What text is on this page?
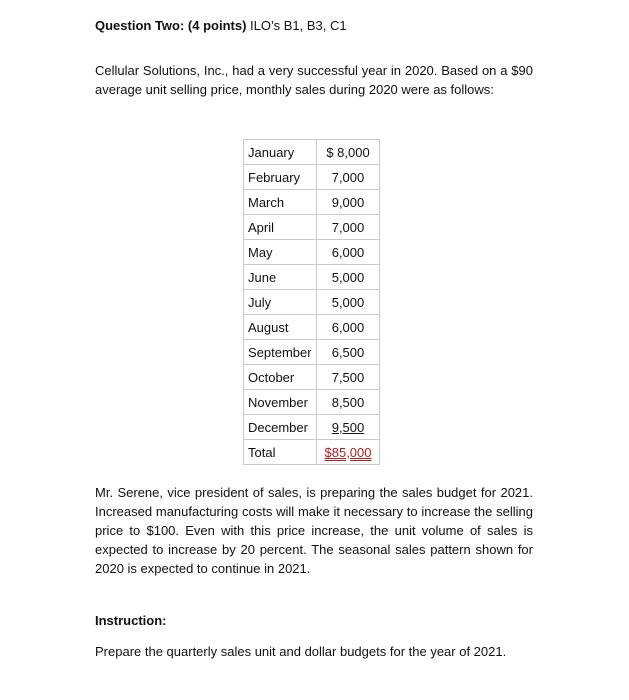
Question Two: (4 points) ILO’s B1, B3, C1

Cellular Solutions, Inc., had a very successful year in 2020. Based on a $90 average unit selling price, monthly sales during 2020 were as follows:

January	$ 8,000
February	7,000
March	9,000
April	7,000
May	6,000
June	5,000
July	5,000
August	6,000
September	6,500
October	7,500
November	8,500
December	9,500
Total	$85,000

Mr. Serene, vice president of sales, is preparing the sales budget for 2021. Increased manufacturing costs will make it necessary to increase the selling price to $100. Even with this price increase, the unit volume of sales is expected to increase by 20 percent. The seasonal sales pattern shown for 2020 is expected to continue in 2021.

Instruction:

Prepare the quarterly sales unit and dollar budgets for the year of 2021.
